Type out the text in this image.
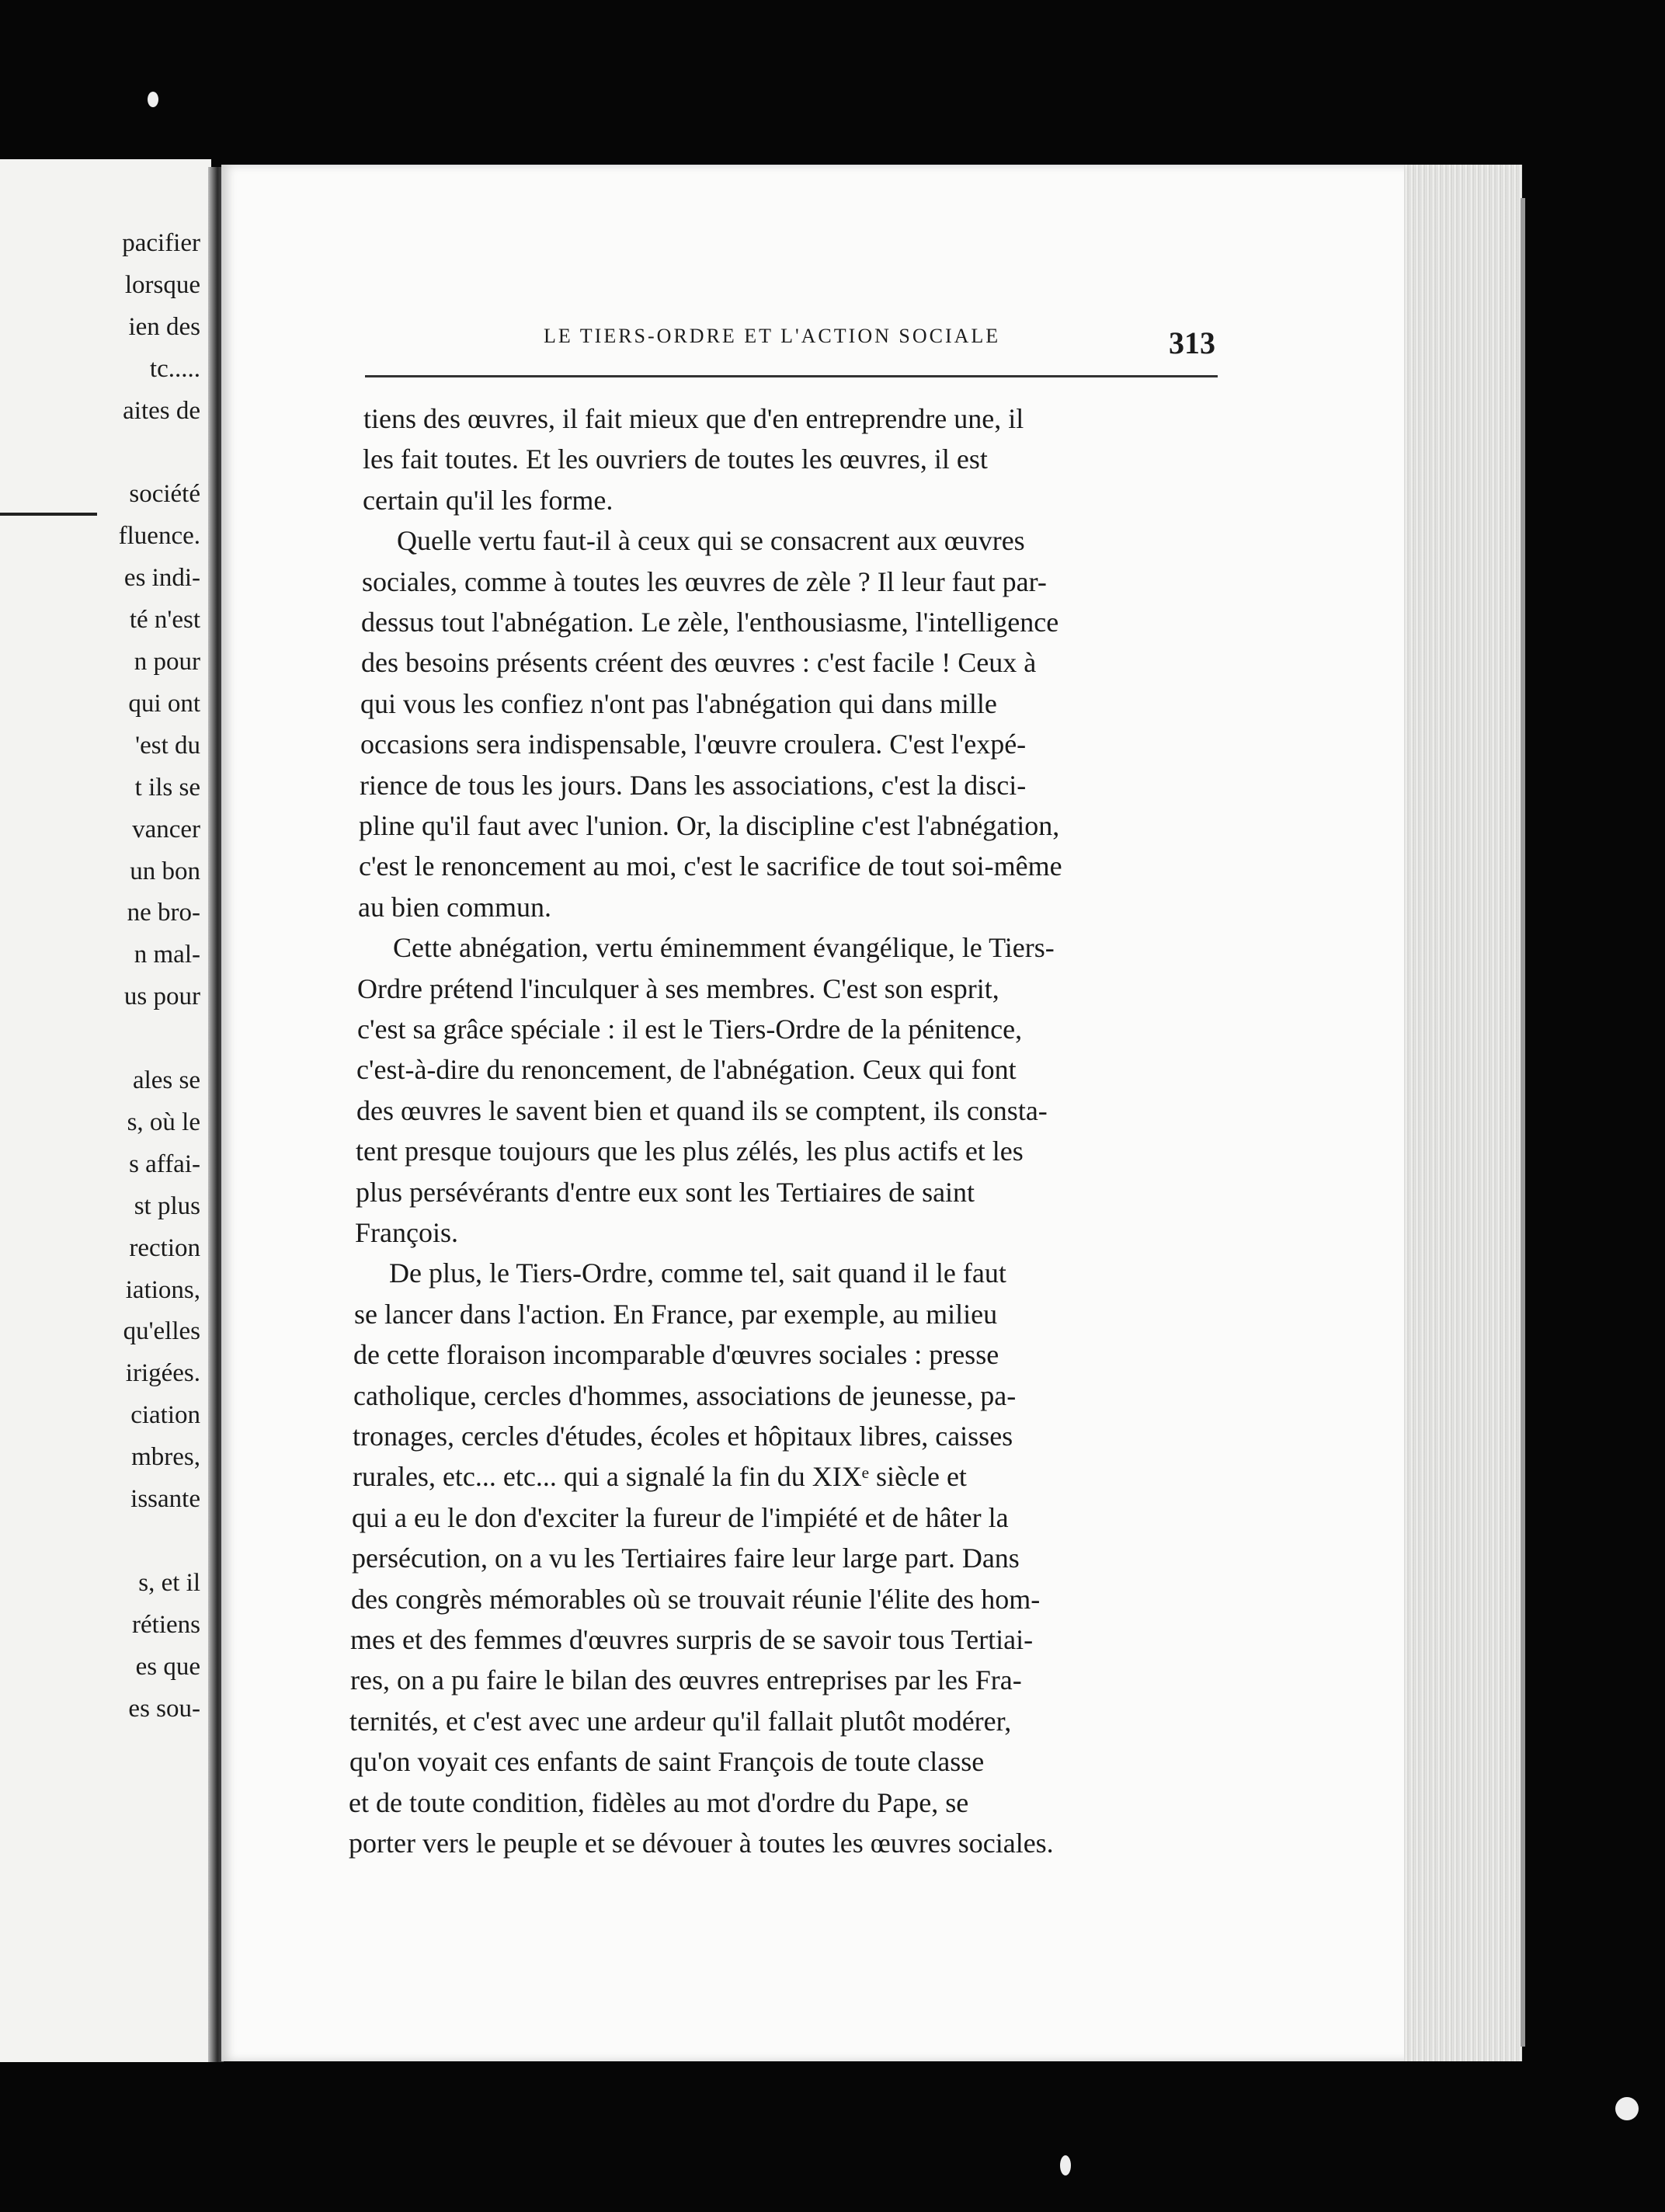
pacifier
lorsque
ien des
tc.....
aites de
société
fluence.
es indi-
té n'est
n pour
qui ont
'est du
t ils se
vancer
un bon
ne bro-
n mal-
us pour
ales se
s, où le
s affai-
st plus
rection
iations,
qu'elles
irigées.
ciation
mbres,
issante
s, et il
rétiens
es que
es sou-
LE TIERS-ORDRE ET L'ACTION SOCIALE	313
tiens des œuvres, il fait mieux que d'en entreprendre une, il
les fait toutes. Et les ouvriers de toutes les œuvres, il est
certain qu'il les forme.
Quelle vertu faut-il à ceux qui se consacrent aux œuvres
sociales, comme à toutes les œuvres de zèle ? Il leur faut par-
dessus tout l'abnégation. Le zèle, l'enthousiasme, l'intelligence
des besoins présents créent des œuvres : c'est facile ! Ceux à
qui vous les confiez n'ont pas l'abnégation qui dans mille
occasions sera indispensable, l'œuvre croulera. C'est l'expé-
rience de tous les jours. Dans les associations, c'est la disci-
pline qu'il faut avec l'union. Or, la discipline c'est l'abnégation,
c'est le renoncement au moi, c'est le sacrifice de tout soi-même
au bien commun.
Cette abnégation, vertu éminemment évangélique, le Tiers-
Ordre prétend l'inculquer à ses membres. C'est son esprit,
c'est sa grâce spéciale : il est le Tiers-Ordre de la pénitence,
c'est-à-dire du renoncement, de l'abnégation. Ceux qui font
des œuvres le savent bien et quand ils se comptent, ils consta-
tent presque toujours que les plus zélés, les plus actifs et les
plus persévérants d'entre eux sont les Tertiaires de saint
François.
De plus, le Tiers-Ordre, comme tel, sait quand il le faut
se lancer dans l'action. En France, par exemple, au milieu
de cette floraison incomparable d'œuvres sociales : presse
catholique, cercles d'hommes, associations de jeunesse, pa-
tronages, cercles d'études, écoles et hôpitaux libres, caisses
rurales, etc... etc... qui a signalé la fin du XIXᵉ siècle et
qui a eu le don d'exciter la fureur de l'impiété et de hâter la
persécution, on a vu les Tertiaires faire leur large part. Dans
des congrès mémorables où se trouvait réunie l'élite des hom-
mes et des femmes d'œuvres surpris de se savoir tous Tertiai-
res, on a pu faire le bilan des œuvres entreprises par les Fra-
ternités, et c'est avec une ardeur qu'il fallait plutôt modérer,
qu'on voyait ces enfants de saint François de toute classe
et de toute condition, fidèles au mot d'ordre du Pape, se
porter vers le peuple et se dévouer à toutes les œuvres sociales.
